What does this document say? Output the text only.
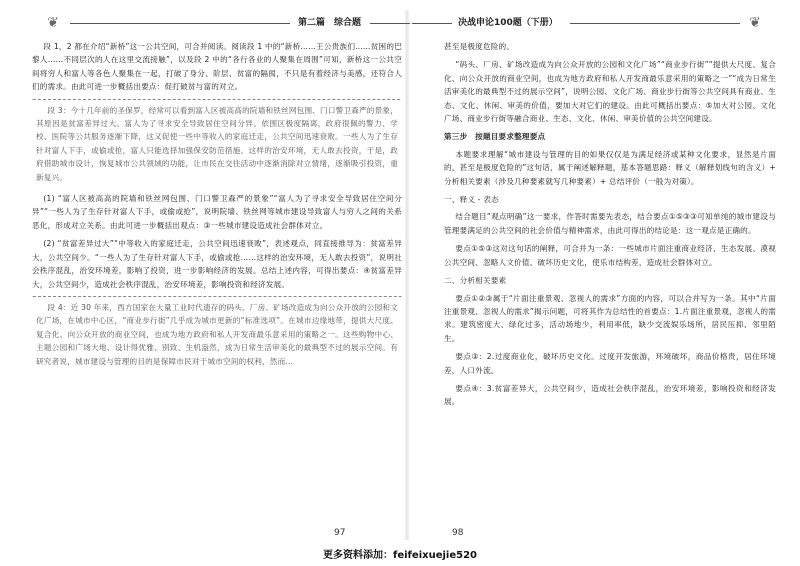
❦	第二篇　综合题

段 1，2 都在介绍“新桥”这一公共空间，可合并阅读。阅读段 1 中的“新桥……王公贵族们……贫困的巴黎人……不同层次的人在这里交流接触”，以及段 2 中的“各行各业的人聚集在周围”可知，新桥这一公共空间将穷人和富人等各色人聚集在一起，打破了身分、阶层、贫富的隔阂，不只是有着经济与美感，还符合人们的需求。由此可进一步概括出要点：促打破贫与富的对立。

段 3：今十几年前的圣保罗，经常可以看到富人区被高高的院墙和铁丝网包围、门口警卫森严的景象，其原因是贫富差异过大。富人为了寻求安全导致居住空间分异。依围区极度隔离，政府很佩的警力、学校、医院等公共服务逐渐下降，这又促使一些中等收入的家庭迁走，公共空间迅速衰败。一些人为了生存针对富人下手，或偷或抢，富人只能选择加强保安防范措施。这样的治安环境，无人敢去投资，于是，政府借助城市设计，恢复城市公共领域的功能，让市民在交往活动中逐渐消除对立情绪，逐渐吸引投资，重新复兴。

(1) “富人区被高高的院墙和铁丝网包围、门口警卫森严的景象”“富人为了寻求安全导致居住空间分异”“一些人为了生存针对富人下手，或偷或抢”，说明院墙、铁丝网等城市建设导致富人与穷人之间的关系恶化，形成对立关系。由此可进一步概括出观点：③一些城市建设造成社会群体对立。

(2) “贫富差异过大”“中等收入的家庭迁走，公共空间迅速衰败”，表述观点，同直接推导为：贫富差异大，公共空间少。“一些人为了生存针对富人下手，或偷或抢……这样的治安环境，无人敢去投资”，说明社会秩序混乱，治安环境差，影响了投资，进一步影响经济的发展。总结上述内容，可得出要点：④贫富差异大，公共空间少，造成社会秩序混乱，治安环境差，影响投资和经济发展。

段 4：近 30 年来，西方国家在大量工业时代遗存的码头、厂房、矿场改造成为向公众开放的公园和文化广场，在城市中心区，“商业步行街”几乎成为城市更新的“标准选项”。在城市边缘地带，提供大尺度、复合化、向公众开放的商业空间，也成为地方政府和私人开发商最乐意采用的策略之一。这些购物中心、主题公园和广场大地、设计得优雅、别致、生机盎然，成为日常生活审美化的最典型不过的展示空间。有研究者说，城市建设与管理的目的是保障市民对于城市空间的权利，然而...

97
决战申论100题（下册）	❦

甚至是极度危险的。

“码头、厂房、矿场改造成为向公众开放的公园和文化广场”“商业步行街”“提供大尺度、复合化、向公众开放的商业空间，也成为地方政府和私人开发商最乐意采用的策略之一”“成为日常生活审美化的最典型不过的展示空间”，说明公园、文化广场、商业步行街等公共空间具有商业、生态、文化、休闲、审美的价值，要加大对它们的建设。由此可概括出要点：⑤加大对公园、文化广场、商业步行街等融合商业、生态、文化、休闲、审美价值的公共空间建设。

第三步　按题目要求整理要点

本题要求理解“城市建设与管理的目的如果仅仅是为满足经济或某种文化要求，显然是片面的，甚至是极度危险的”这句话，属于阐述解释题，基本答题思路：释义（解释划线句的含义）+ 分析相关要素（涉及几种要素就写几种要素）+ 总结评价（一般为对策）。

一、释义 - 表态

结合题目“观点明确”这一要求，作答时需要先表态，结合要点①⑤③③可知单纯的城市建设与管理要满足的公共空间的社会价值与精神需求，由此可得出的结论是：这一观点是正确的。

要点①⑤③这对这句话的阐释，可合并为一条：一些城市片面注重商业经济、生态发展、漠视公共空间、忽略人文价值、破坏历史文化，使乐市结构差，造成社会群体对立。

二、分析相关要素

要点①②③属于“片面注重景观、忽视人的需求”方面的内容，可以合并写为一条。其中“片面注重景观、忽视人的需求”揭示问题，可将其作为总结性的首要点：1.片面注重景观，忽视人的需求。建筑密度大、绿化过多，活动场地少，利用率低，缺少交流娱乐场所，居民压抑、邻里陌生。

要点③：2.过度商业化，破坏历史文化。过度开发旅游，环境破坏，商品价格贵，居住环境差，人口外流。

要点④：3.贫富差异大，公共空间少，造成社会秩序混乱，治安环境差，影响投资和经济发展。

98
更多资料添加：feifeixuejie520
